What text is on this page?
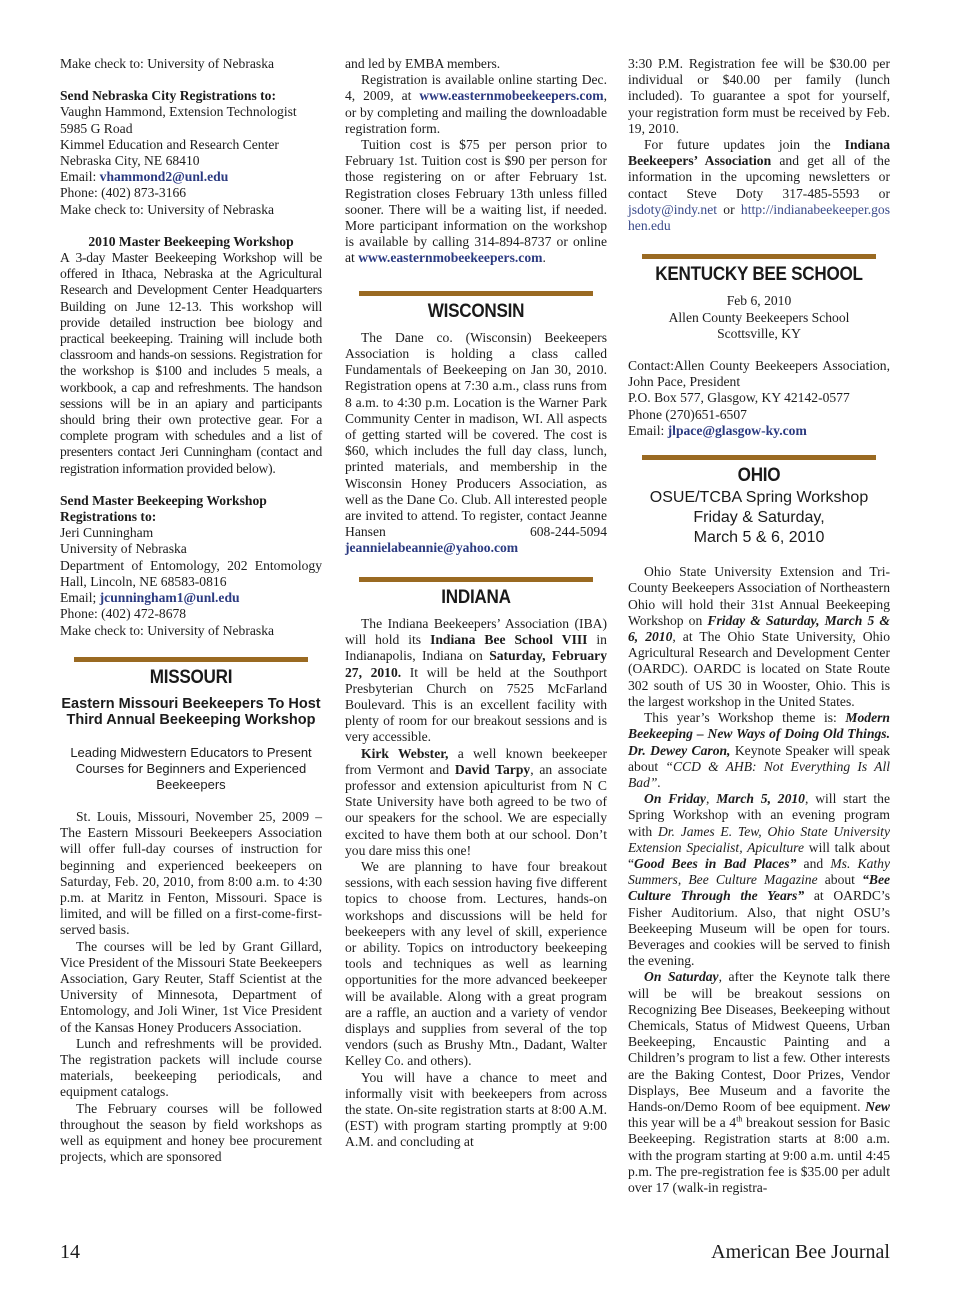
Make check to: University of Nebraska

Send Nebraska City Registrations to:

Vaughn Hammond, Extension Technologist

5985 G Road

Kimmel Education and Research Center

Nebraska City, NE 68410

Email: vhammond2@unl.edu

Phone: (402) 873-3166

Make check to: University of Nebraska

2010 Master Beekeeping Workshop

A 3-day Master Beekeeping Workshop will be offered in Ithaca, Nebraska at the Agricultural Research and Development Center Headquarters Building on June 12-13. This workshop will provide detailed instruction bee biology and practical beekeeping. Training will include both classroom and hands-on sessions. Registration for the workshop is $100 and includes 5 meals, a workbook, a cap and refreshments. The handson sessions will be in an apiary and participants should bring their own protective gear. For a complete program with schedules and a list of presenters contact Jeri Cunningham (contact and registration information provided below).

Send Master Beekeeping Workshop Registrations to:

Jeri Cunningham

University of Nebraska

Department of Entomology, 202 Entomology Hall, Lincoln, NE 68583-0816

Email; jcunningham1@unl.edu

Phone: (402) 472-8678

Make check to: University of Nebraska

MISSOURI

Eastern Missouri Beekeepers To Host Third Annual Beekeeping Workshop

Leading Midwestern Educators to Present Courses for Beginners and Experienced Beekeepers

St. Louis, Missouri, November 25, 2009 – The Eastern Missouri Beekeepers Association will offer full-day courses of instruction for beginning and experienced beekeepers on Saturday, Feb. 20, 2010, from 8:00 a.m. to 4:30 p.m. at Maritz in Fenton, Missouri. Space is limited, and will be filled on a first-come-first-served basis.

The courses will be led by Grant Gillard, Vice President of the Missouri State Beekeepers Association, Gary Reuter, Staff Scientist at the University of Minnesota, Department of Entomology, and Joli Winer, 1st Vice President of the Kansas Honey Producers Association.

Lunch and refreshments will be provided. The registration packets will include course materials, beekeeping periodicals, and equipment catalogs.

The February courses will be followed throughout the season by field workshops as well as equipment and honey bee procurement projects, which are sponsored

and led by EMBA members.

Registration is available online starting Dec. 4, 2009, at www.easternmobeekeepers.com, or by completing and mailing the downloadable registration form.

Tuition cost is $75 per person prior to February 1st. Tuition cost is $90 per person for those registering on or after February 1st. Registration closes February 13th unless filled sooner. There will be a waiting list, if needed. More participant information on the workshop is available by calling 314-894-8737 or online at www.easternmobeekeepers.com.

WISCONSIN

The Dane co. (Wisconsin) Beekeepers Association is holding a class called Fundamentals of Beekeeping on Jan 30, 2010. Registration opens at 7:30 a.m., class runs from 8 a.m. to 4:30 p.m. Location is the Warner Park Community Center in madison, WI. All aspects of getting started will be covered. The cost is $60, which includes the full day class, lunch, printed materials, and membership in the Wisconsin Honey Producers Association, as well as the Dane Co. Club. All interested people are invited to attend. To register, contact Jeanne Hansen 608-244-5094 jeannielabeannie@yahoo.com

INDIANA

The Indiana Beekeepers’ Association (IBA) will hold its Indiana Bee School VIII in Indianapolis, Indiana on Saturday, February 27, 2010. It will be held at the Southport Presbyterian Church on 7525 McFarland Boulevard. This is an excellent facility with plenty of room for our breakout sessions and is very accessible.

Kirk Webster, a well known beekeeper from Vermont and David Tarpy, an associate professor and extension apiculturist from N C State University have both agreed to be two of our speakers for the school. We are especially excited to have them both at our school. Don’t you dare miss this one!

We are planning to have four breakout sessions, with each session having five different topics to choose from. Lectures, hands-on workshops and discussions will be held for beekeepers with any level of skill, experience or ability. Topics on introductory beekeeping tools and techniques as well as learning opportunities for the more advanced beekeeper will be available. Along with a great program are a raffle, an auction and a variety of vendor displays and supplies from several of the top vendors (such as Brushy Mtn., Dadant, Walter Kelley Co. and others).

You will have a chance to meet and informally visit with beekeepers from across the state. On-site registration starts at 8:00 A.M. (EST) with program starting promptly at 9:00 A.M. and concluding at

3:30 P.M. Registration fee will be $30.00 per individual or $40.00 per family (lunch included). To guarantee a spot for yourself, your registration form must be received by Feb. 19, 2010.

For future updates join the Indiana Beekeepers’ Association and get all of the information in the upcoming newsletters or contact Steve Doty 317-485-5593 or jsdoty@indy.net or http://indianabeekeeper.goshen.edu

KENTUCKY BEE SCHOOL

Feb 6, 2010

Allen County Beekeepers School

Scottsville, KY

Contact:Allen County Beekeepers Association, John Pace, President

P.O. Box 577, Glasgow, KY 42142-0577

Phone (270)651-6507

Email: jlpace@glasgow-ky.com

OHIO

OSUE/TCBA Spring Workshop

Friday & Saturday,

March 5 & 6, 2010

Ohio State University Extension and Tri-County Beekeepers Association of Northeastern Ohio will hold their 31st Annual Beekeeping Workshop on Friday & Saturday, March 5 & 6, 2010, at The Ohio State University, Ohio Agricultural Research and Development Center (OARDC). OARDC is located on State Route 302 south of US 30 in Wooster, Ohio. This is the largest workshop in the United States.

This year’s Workshop theme is: Modern Beekeeping – New Ways of Doing Old Things. Dr. Dewey Caron, Keynote Speaker will speak about “CCD & AHB: Not Everything Is All Bad”.

On Friday, March 5, 2010, will start the Spring Workshop with an evening program with Dr. James E. Tew, Ohio State University Extension Specialist, Apiculture will talk about “Good Bees in Bad Places” and Ms. Kathy Summers, Bee Culture Magazine about “Bee Culture Through the Years” at OARDC’s Fisher Auditorium. Also, that night OSU’s Beekeeping Museum will be open for tours. Beverages and cookies will be served to finish the evening.

On Saturday, after the Keynote talk there will be will be breakout sessions on Recognizing Bee Diseases, Beekeeping without Chemicals, Status of Midwest Queens, Urban Beekeeping, Encaustic Painting and a Children’s program to list a few. Other interests are the Baking Contest, Door Prizes, Vendor Displays, Bee Museum and a favorite the Hands-on/Demo Room of bee equipment. New this year will be a 4th breakout session for Basic Beekeeping. Registration starts at 8:00 a.m. with the program starting at 9:00 a.m. until 4:45 p.m. The pre-registration fee is $35.00 per adult over 17 (walk-in registra-

14	American Bee Journal
